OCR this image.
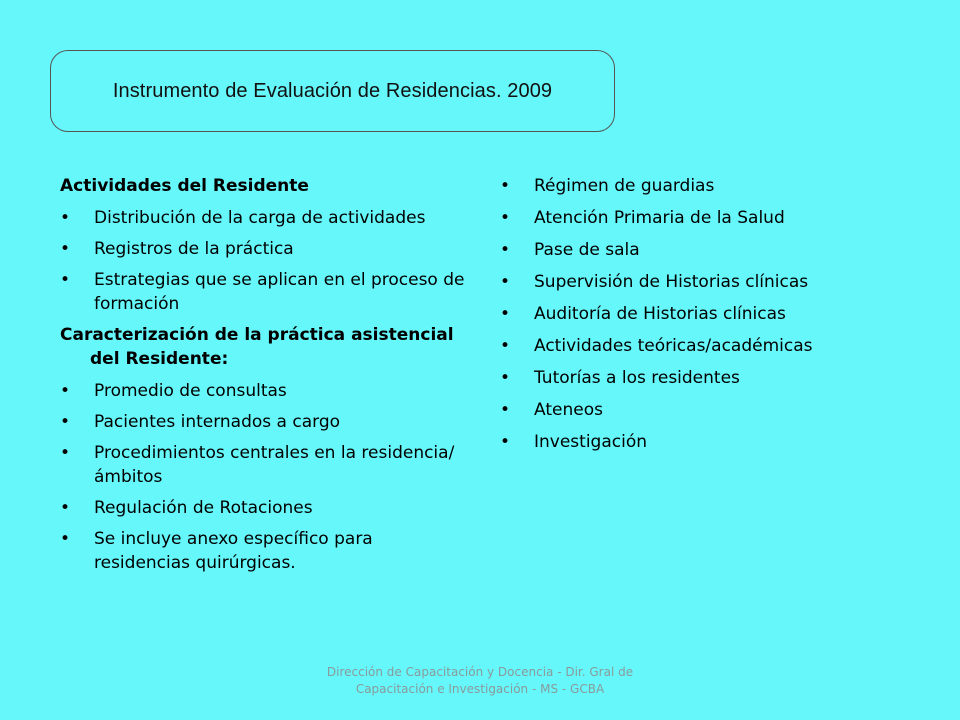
Instrumento de Evaluación de Residencias. 2009
Actividades del Residente
• Distribución de la carga de actividades
• Registros de la práctica
• Estrategias que se aplican en el proceso de formación
Caracterización de la práctica asistencial del Residente:
• Promedio de consultas
• Pacientes internados a cargo
• Procedimientos centrales en la residencia/ámbitos
• Regulación de Rotaciones
• Se incluye anexo específico para residencias quirúrgicas.
• Régimen de guardias
• Atención Primaria de la Salud
• Pase de sala
• Supervisión de Historias clínicas
• Auditoría de Historias clínicas
• Actividades teóricas/académicas
• Tutorías a los residentes
• Ateneos
• Investigación
Dirección de Capacitación y Docencia - Dir. Gral de Capacitación e Investigación - MS - GCBA
